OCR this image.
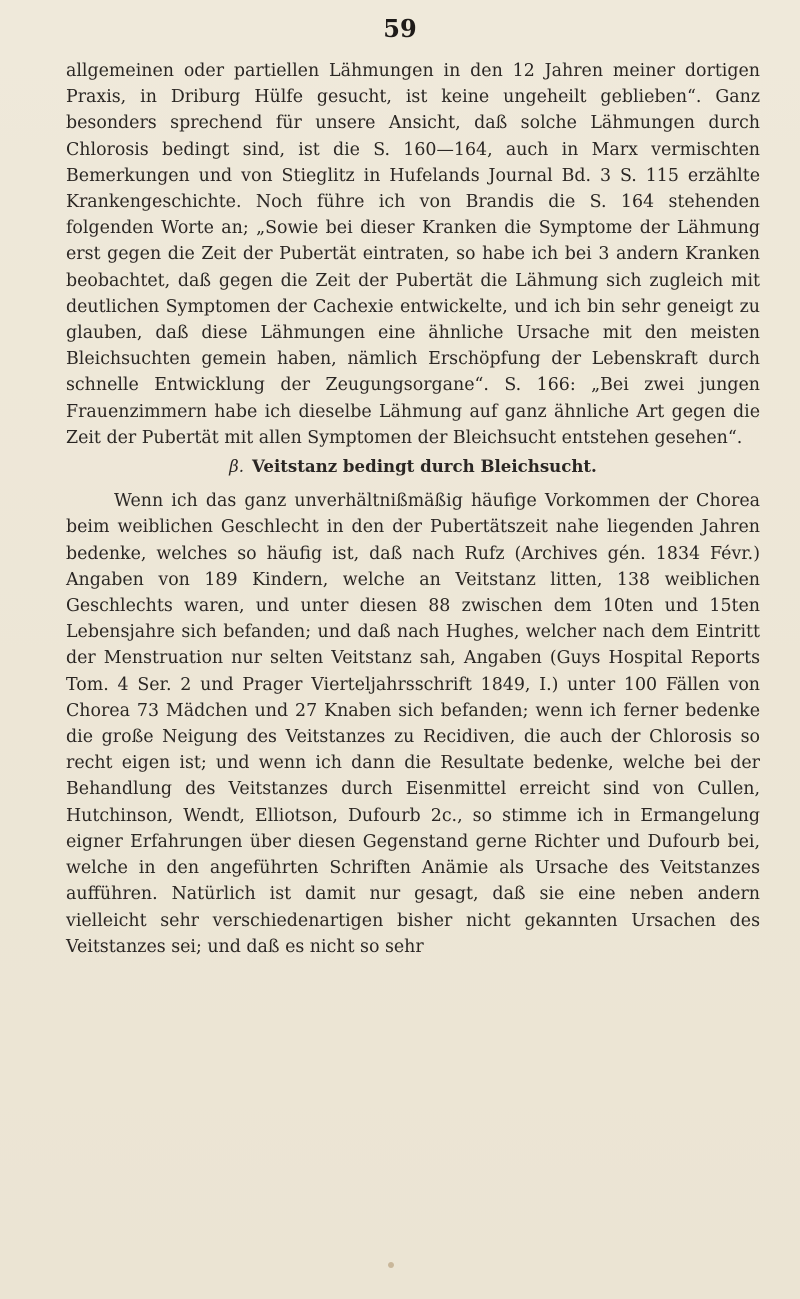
59

allgemeinen oder partiellen Lähmungen in den 12 Jahren meiner dortigen Praxis, in Driburg Hülfe gesucht, ist keine ungeheilt geblieben“. Ganz besonders sprechend für unsere Ansicht, daß solche Lähmungen durch Chlorosis bedingt sind, ist die S. 160—164, auch in Marx vermischten Bemerkungen und von Stieglitz in Hufelands Journal Bd. 3 S. 115 erzählte Krankengeschichte. Noch führe ich von Brandis die S. 164 stehenden folgenden Worte an; „Sowie bei dieser Kranken die Symptome der Lähmung erst gegen die Zeit der Pubertät eintraten, so habe ich bei 3 andern Kranken beobachtet, daß gegen die Zeit der Pubertät die Lähmung sich zugleich mit deutlichen Symptomen der Cachexie entwickelte, und ich bin sehr geneigt zu glauben, daß diese Lähmungen eine ähnliche Ursache mit den meisten Bleichsuchten gemein haben, nämlich Erschöpfung der Lebenskraft durch schnelle Entwicklung der Zeugungsorgane“. S. 166: „Bei zwei jungen Frauenzimmern habe ich dieselbe Lähmung auf ganz ähnliche Art gegen die Zeit der Pubertät mit allen Symptomen der Bleichsucht entstehen gesehen“.

β. Veitstanz bedingt durch Bleichsucht.

Wenn ich das ganz unverhältnißmäßig häufige Vorkommen der Chorea beim weiblichen Geschlecht in den der Pubertätszeit nahe liegenden Jahren bedenke, welches so häufig ist, daß nach Rufz (Archives gén. 1834 Févr.) Angaben von 189 Kindern, welche an Veitstanz litten, 138 weiblichen Geschlechts waren, und unter diesen 88 zwischen dem 10ten und 15ten Lebensjahre sich befanden; und daß nach Hughes, welcher nach dem Eintritt der Menstruation nur selten Veitstanz sah, Angaben (Guys Hospital Reports Tom. 4 Ser. 2 und Prager Vierteljahrsschrift 1849, I.) unter 100 Fällen von Chorea 73 Mädchen und 27 Knaben sich befanden; wenn ich ferner bedenke die große Neigung des Veitstanzes zu Recidiven, die auch der Chlorosis so recht eigen ist; und wenn ich dann die Resultate bedenke, welche bei der Behandlung des Veitstanzes durch Eisenmittel erreicht sind von Cullen, Hutchinson, Wendt, Elliotson, Dufourb 2c., so stimme ich in Ermangelung eigner Erfahrungen über diesen Gegenstand gerne Richter und Dufourb bei, welche in den angeführten Schriften Anämie als Ursache des Veitstanzes aufführen. Natürlich ist damit nur gesagt, daß sie eine neben andern vielleicht sehr verschiedenartigen bisher nicht gekannten Ursachen des Veitstanzes sei; und daß es nicht so sehr
